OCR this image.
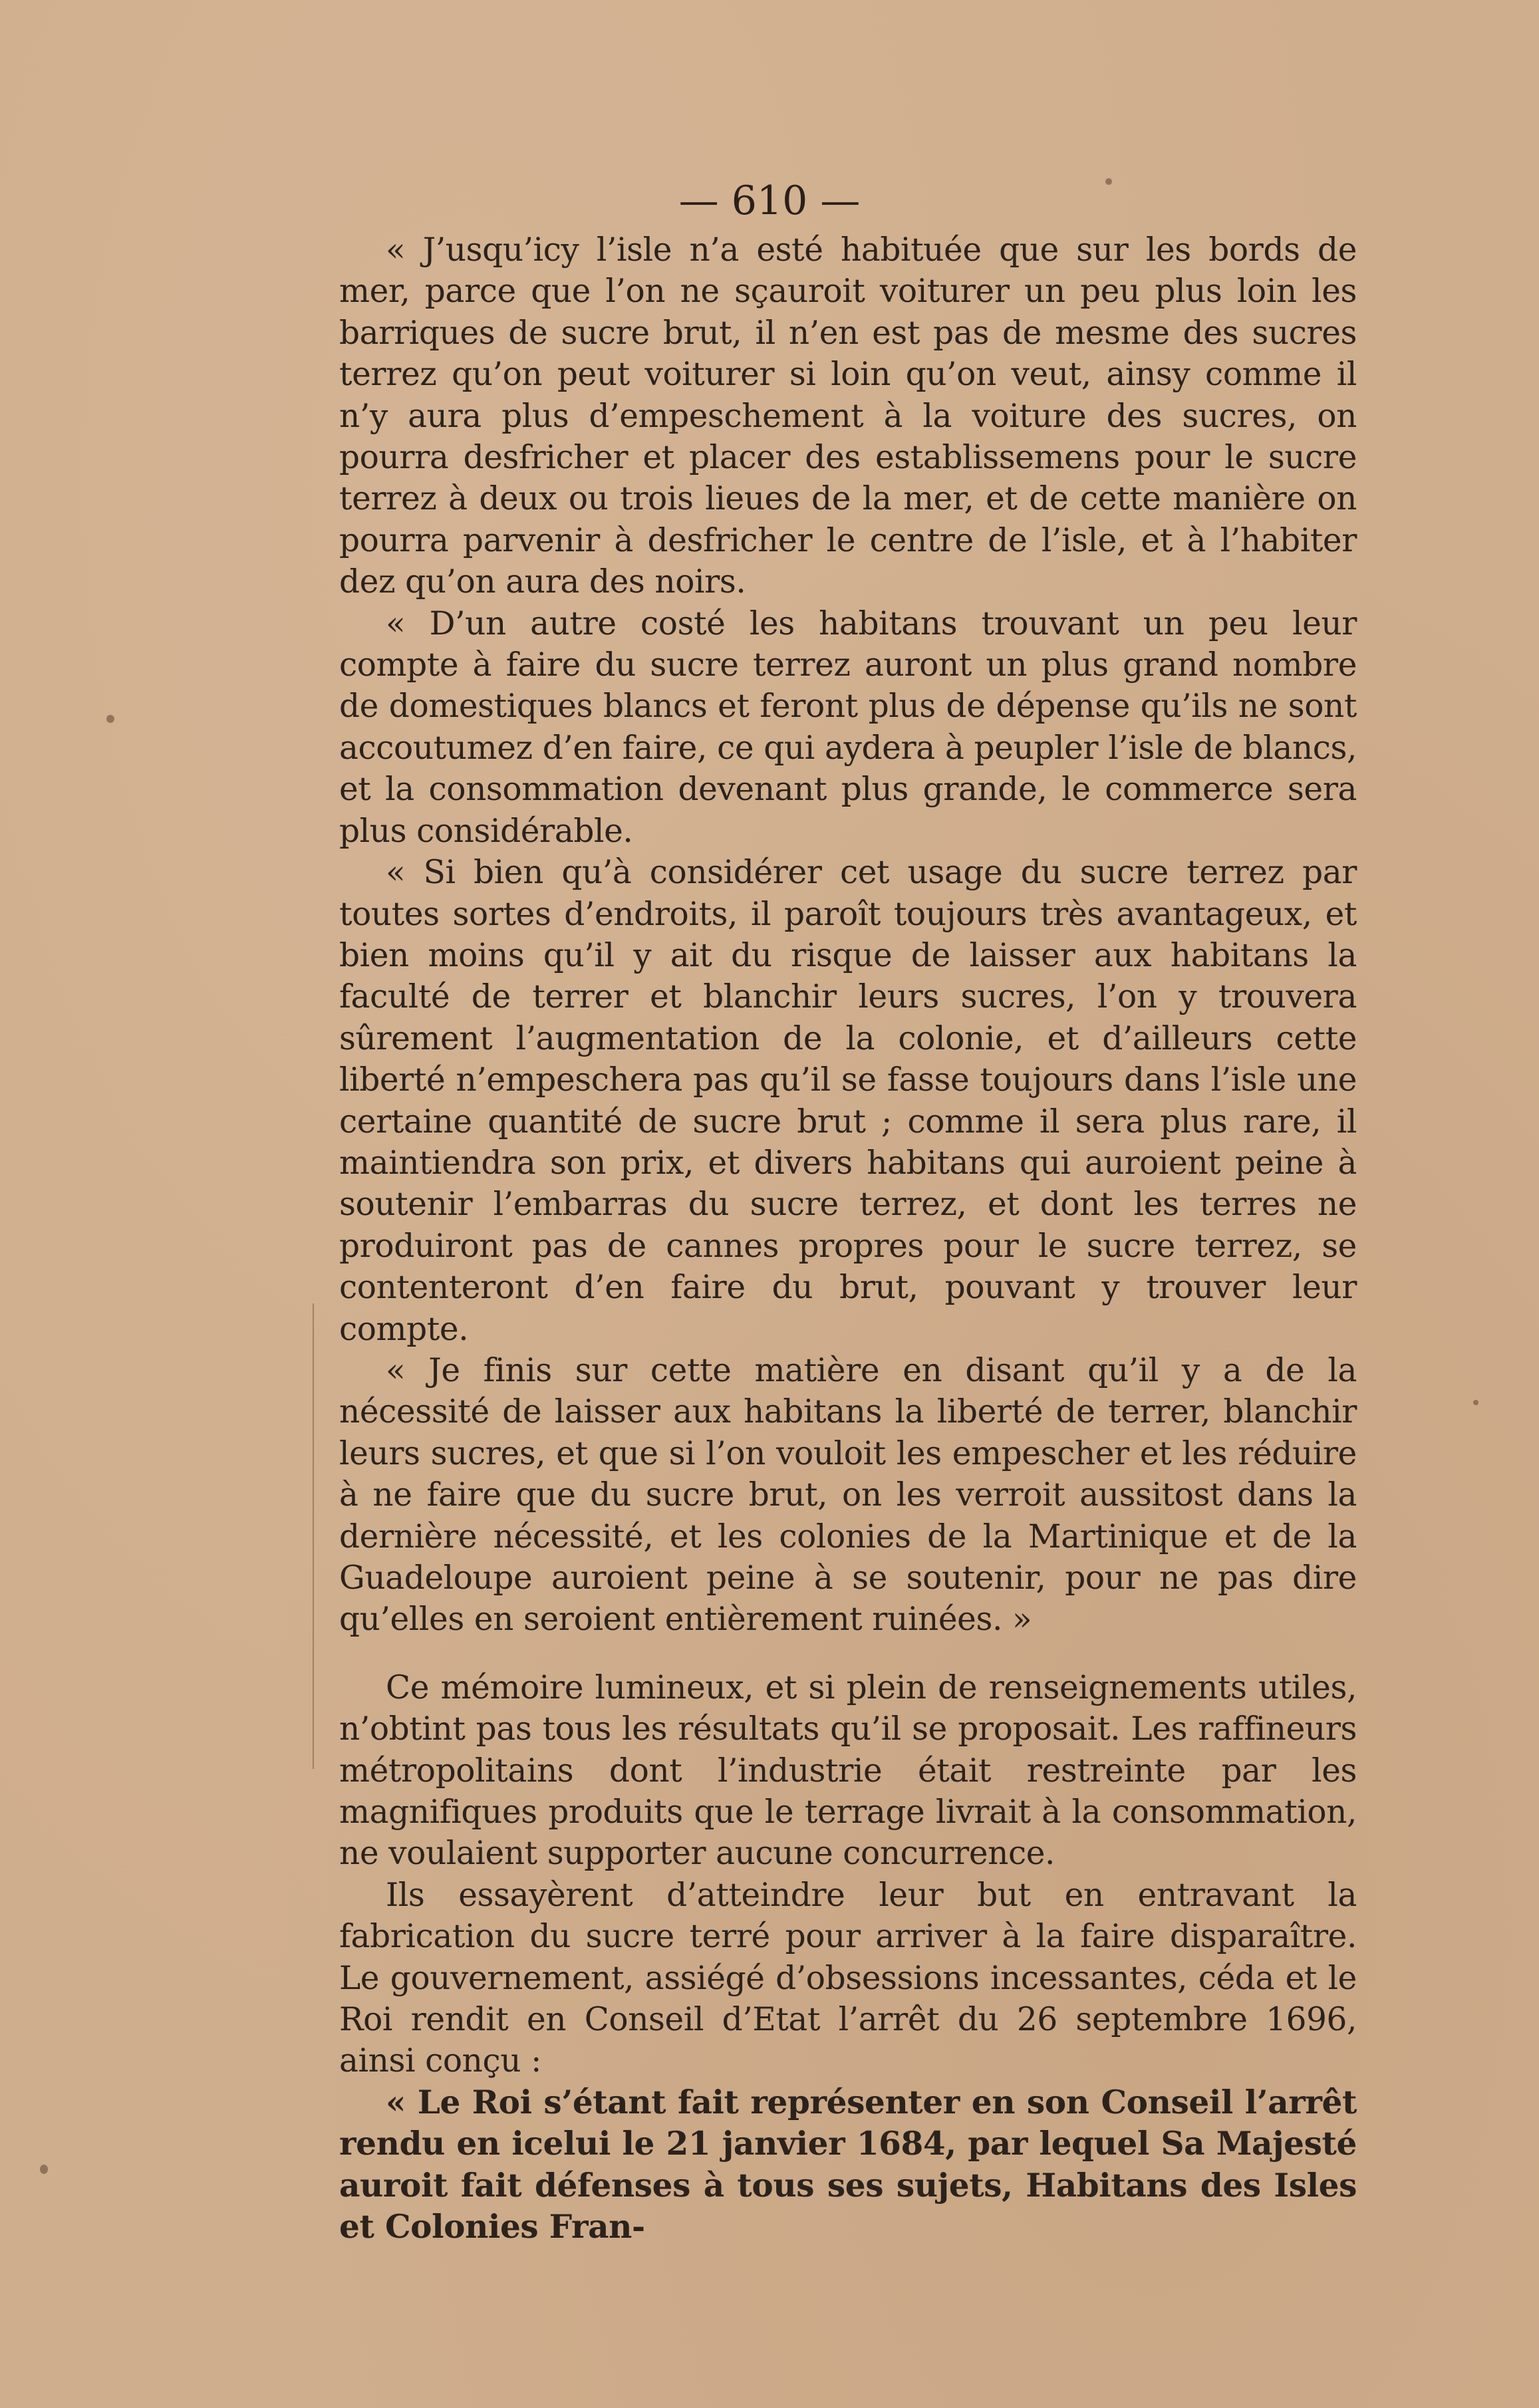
— 610 —

« J’usqu’icy l’isle n’a esté habituée que sur les bords de mer, parce que l’on ne sçauroit voiturer un peu plus loin les barriques de sucre brut, il n’en est pas de mesme des sucres terrez qu’on peut voiturer si loin qu’on veut, ainsy comme il n’y aura plus d’empeschement à la voiture des sucres, on pourra desfricher et placer des establissemens pour le sucre terrez à deux ou trois lieues de la mer, et de cette manière on pourra parvenir à desfricher le centre de l’isle, et à l’habiter dez qu’on aura des noirs.

« D’un autre costé les habitans trouvant un peu leur compte à faire du sucre terrez auront un plus grand nombre de domestiques blancs et feront plus de dépense qu’ils ne sont accoutumez d’en faire, ce qui aydera à peupler l’isle de blancs, et la consommation devenant plus grande, le commerce sera plus considérable.

« Si bien qu’à considérer cet usage du sucre terrez par toutes sortes d’endroits, il paroît toujours très avantageux, et bien moins qu’il y ait du risque de laisser aux habitans la faculté de terrer et blanchir leurs sucres, l’on y trouvera sûrement l’augmentation de la colonie, et d’ailleurs cette liberté n’empeschera pas qu’il se fasse toujours dans l’isle une certaine quantité de sucre brut ; comme il sera plus rare, il maintiendra son prix, et divers habitans qui auroient peine à soutenir l’embarras du sucre terrez, et dont les terres ne produiront pas de cannes propres pour le sucre terrez, se contenteront d’en faire du brut, pouvant y trouver leur compte.

« Je finis sur cette matière en disant qu’il y a de la nécessité de laisser aux habitans la liberté de terrer, blanchir leurs sucres, et que si l’on vouloit les empescher et les réduire à ne faire que du sucre brut, on les verroit aussitost dans la dernière nécessité, et les colonies de la Martinique et de la Guadeloupe auroient peine à se soutenir, pour ne pas dire qu’elles en seroient entièrement ruinées. »

Ce mémoire lumineux, et si plein de renseignements utiles, n’obtint pas tous les résultats qu’il se proposait. Les raffineurs métropolitains dont l’industrie était restreinte par les magnifiques produits que le terrage livrait à la consommation, ne voulaient supporter aucune concurrence.

Ils essayèrent d’atteindre leur but en entravant la fabrication du sucre terré pour arriver à la faire disparaître. Le gouvernement, assiégé d’obsessions incessantes, céda et le Roi rendit en Conseil d’Etat l’arrêt du 26 septembre 1696, ainsi conçu :

« Le Roi s’étant fait représenter en son Conseil l’arrêt rendu en icelui le 21 janvier 1684, par lequel Sa Majesté auroit fait défenses à tous ses sujets, Habitans des Isles et Colonies Fran-
